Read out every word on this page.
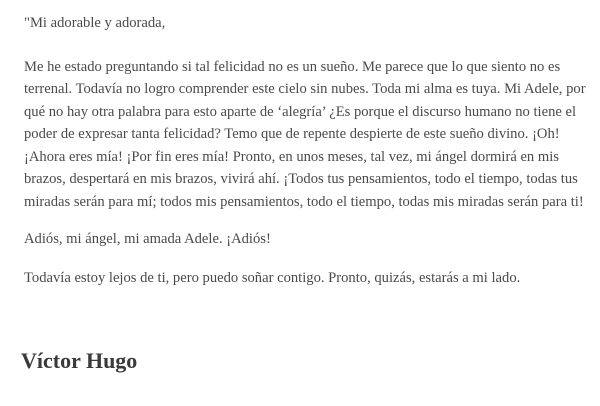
"Mi adorable y adorada,

Me he estado preguntando si tal felicidad no es un sueño. Me parece que lo que siento no es terrenal. Todavía no logro comprender este cielo sin nubes. Toda mi alma es tuya. Mi Adele, por qué no hay otra palabra para esto aparte de ‘alegría’ ¿Es porque el discurso humano no tiene el poder de expresar tanta felicidad? Temo que de repente despierte de este sueño divino. ¡Oh! ¡Ahora eres mía! ¡Por fin eres mía! Pronto, en unos meses, tal vez, mi ángel dormirá en mis brazos, despertará en mis brazos, vivirá ahí. ¡Todos tus pensamientos, todo el tiempo, todas tus miradas serán para mí; todos mis pensamientos, todo el tiempo, todas mis miradas serán para ti!

Adiós, mi ángel, mi amada Adele. ¡Adiós!

Todavía estoy lejos de ti, pero puedo soñar contigo. Pronto, quizás, estarás a mi lado.

Víctor Hugo
